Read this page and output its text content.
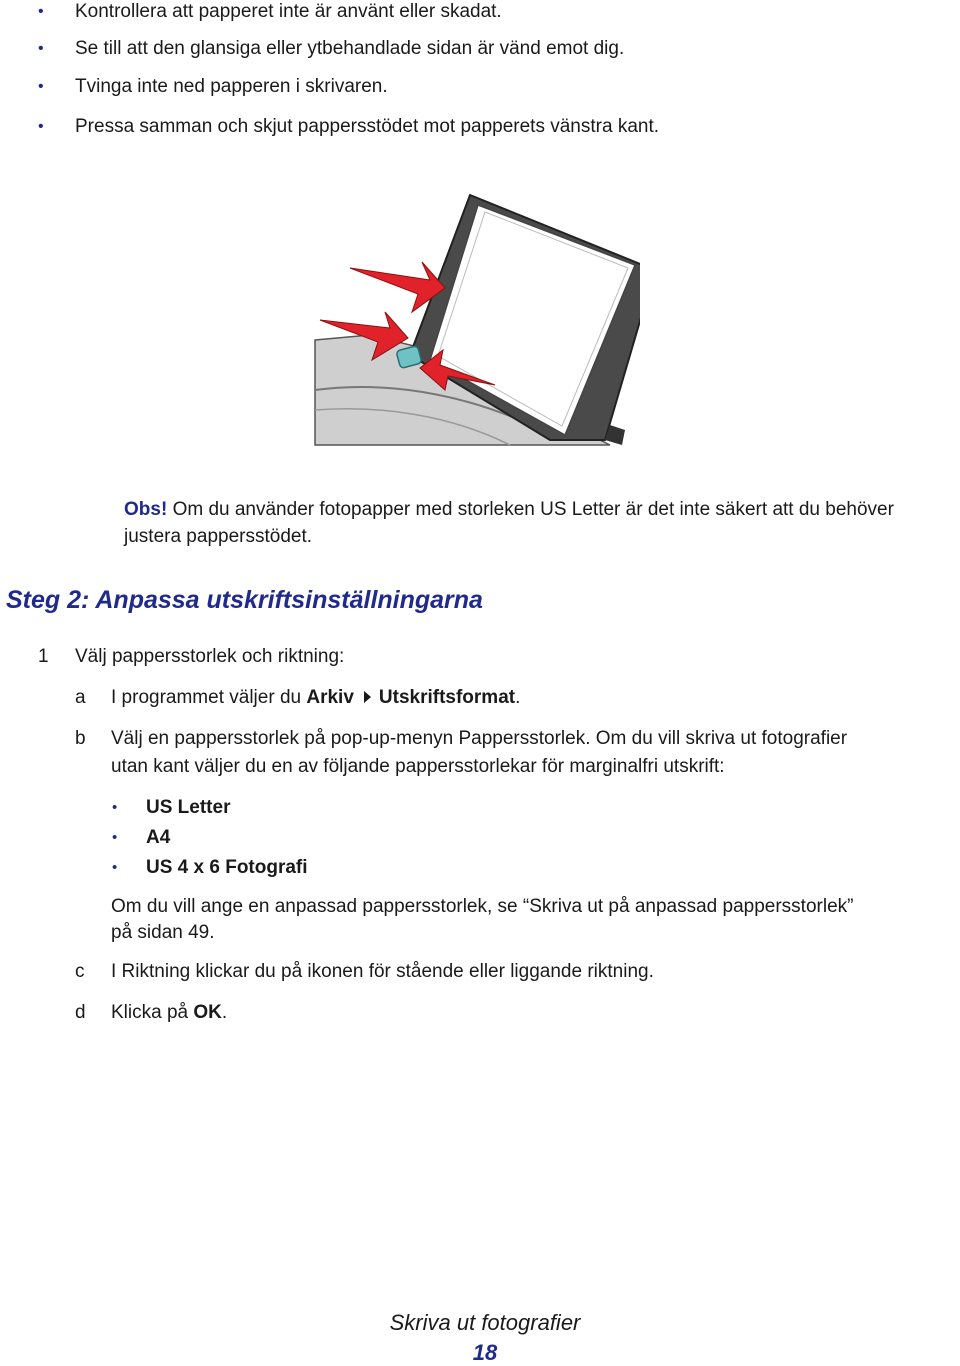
• Kontrollera att papperet inte är använt eller skadat.
• Se till att den glansiga eller ytbehandlade sidan är vänd emot dig.
• Tvinga inte ned papperen i skrivaren.
• Pressa samman och skjut pappersstödet mot papperets vänstra kant.
Obs! Om du använder fotopapper med storleken US Letter är det inte säkert att du behöver justera pappersstödet.
Steg 2: Anpassa utskriftsinställningarna
1 Välj pappersstorlek och riktning:
a I programmet väljer du Arkiv Utskriftsformat.
b Välj en pappersstorlek på pop-up-menyn Pappersstorlek. Om du vill skriva ut fotografier
utan kant väljer du en av följande pappersstorlekar för marginalfri utskrift:
• US Letter
• A4
• US 4 x 6 Fotografi
Om du vill ange en anpassad pappersstorlek, se “Skriva ut på anpassad pappersstorlek”
på sidan 49.
c I Riktning klickar du på ikonen för stående eller liggande riktning.
d Klicka på OK.
Skriva ut fotografier
18
